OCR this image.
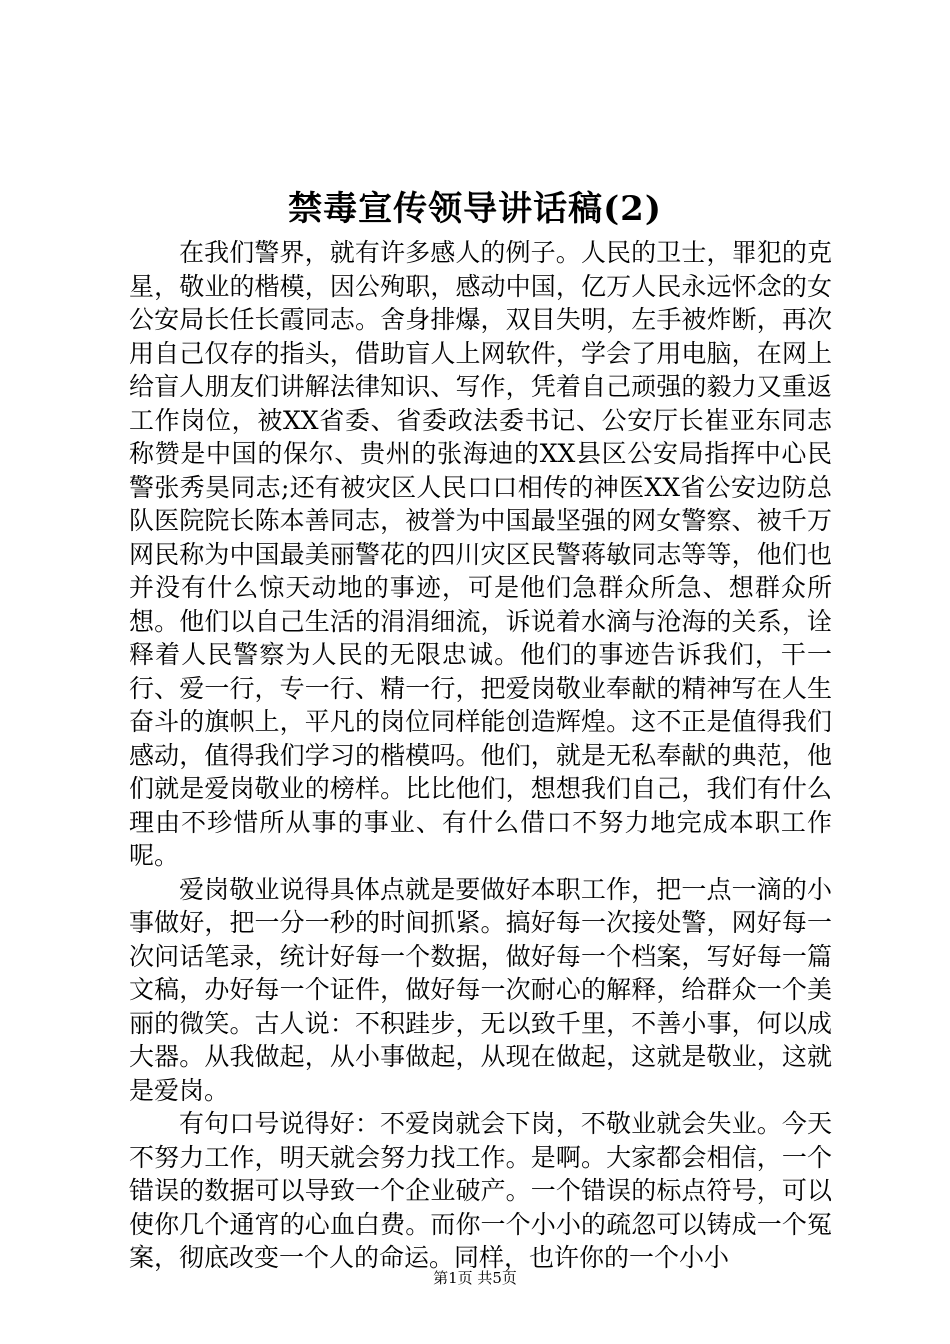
禁毒宣传领导讲话稿(2)

在我们警界，就有许多感人的例子。人民的卫士，罪犯的克星，敬业的楷模，因公殉职，感动中国，亿万人民永远怀念的女公安局长任长霞同志。舍身排爆，双目失明，左手被炸断，再次用自己仅存的指头，借助盲人上网软件，学会了用电脑，在网上给盲人朋友们讲解法律知识、写作，凭着自己顽强的毅力又重返工作岗位，被XX省委、省委政法委书记、公安厅长崔亚东同志称赞是中国的保尔、贵州的张海迪的XX县区公安局指挥中心民警张秀昊同志;还有被灾区人民口口相传的神医XX省公安边防总队医院院长陈本善同志，被誉为中国最坚强的网女警察、被千万网民称为中国最美丽警花的四川灾区民警蒋敏同志等等，他们也并没有什么惊天动地的事迹，可是他们急群众所急、想群众所想。他们以自己生活的涓涓细流，诉说着水滴与沧海的关系，诠释着人民警察为人民的无限忠诚。他们的事迹告诉我们，干一行、爱一行，专一行、精一行，把爱岗敬业奉献的精神写在人生奋斗的旗帜上，平凡的岗位同样能创造辉煌。这不正是值得我们感动，值得我们学习的楷模吗。他们，就是无私奉献的典范，他们就是爱岗敬业的榜样。比比他们，想想我们自己，我们有什么理由不珍惜所从事的事业、有什么借口不努力地完成本职工作呢。

爱岗敬业说得具体点就是要做好本职工作，把一点一滴的小事做好，把一分一秒的时间抓紧。搞好每一次接处警，网好每一次问话笔录，统计好每一个数据，做好每一个档案，写好每一篇文稿，办好每一个证件，做好每一次耐心的解释，给群众一个美丽的微笑。古人说：不积跬步，无以致千里，不善小事，何以成大器。从我做起，从小事做起，从现在做起，这就是敬业，这就是爱岗。

有句口号说得好：不爱岗就会下岗，不敬业就会失业。今天不努力工作，明天就会努力找工作。是啊。大家都会相信，一个错误的数据可以导致一个企业破产。一个错误的标点符号，可以使你几个通宵的心血白费。而你一个小小的疏忽可以铸成一个冤案，彻底改变一个人的命运。同样，也许你的一个小小

第1页 共5页
